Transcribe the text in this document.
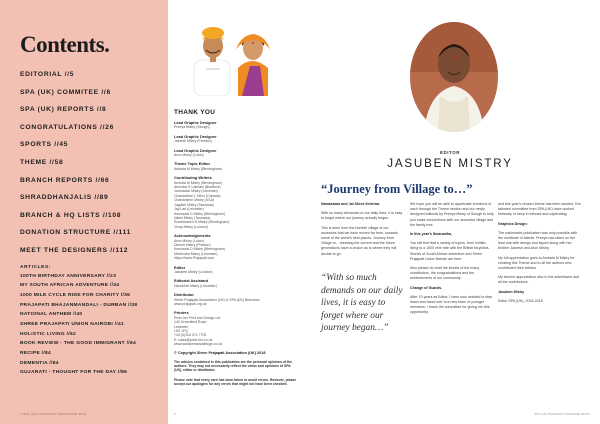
Contents.
EDITORIAL //5
SPA (UK) COMMITEE //6
SPA (UK) REPORTS //8
CONGRATULATIONS //26
SPORTS //45
THEME //58
BRANCH REPORTS //66
SHRADDHANJALIS //89
BRANCH & HQ LISTS //108
DONATION STRUCTURE //111
MEET THE DESIGNERS //112
ARTICLES:
100TH BIRTHDAY ANNIVERSARY //23
MY SOUTH AFRICAN ADVENTURE //34
1000 MILE CYCLE RIDE FOR CHARITY //36
PRAJAPATI BHAJANMANDALI - DURBAN //38
NATIONAL ANTHEM //40
SHREE PRAJAPATI UNION NAIROBI //41
HOLISTIC LIVING //62
BOOK REVIEW - THE GOOD IMMIGRANT //64
RECIPE //84
DEMENTIA //84
GUJARATI - THOUGHT FOR THE DAY //86
4 SPA (UK) PRAJAPATI MAGAZINE 2018
THANK YOU
Lead Graphic Designer
Preeya Mistry (Slough)
Lead Graphic Designer
Jainesh Mistry (Preston)
Lead Graphic Designer
Arun Mistry (Luton)
Theme Topic Editor
Ambala M Mistry (Birmingham)
Contributing Writers
Ambala M Mistry (Birmingham)
Amrutlal G Lakhani (Bradford)
Jamnadas Mistry (Leicester)
Chandubhai L Tailor (Canada)
Chandraben Mistry (USA)
Jagdish Mistry (Tanzania)
Jay Lad (Leicester)
Keshavlal D Mistry (Birmingham)
Nalini Mistry (Tanzania)
Rumnikaben N Mistry (Birmingham)
Vinay Mistry (London)
Acknowledgements
Arun Mistry (Luton)
Dinesh Mistry (Preston)
Keshavlal D Mistry (Birmingham)
Mahendra Mistry (Leicester)
https://www.Prajapati.com
Editor
Jasuben Mistry (London)
Editorial Assistant
Nanubhai Mistry (Leicester)
Distributor
Shree Prajapati Association (UK) & SPA (UK) Branches
www.prajapati.org.uk
Printers
Pixel-Inn Print and Design Ltd
143 Greenfield Road
Leicester
LE3 1FQ
+44 (0)116 274 7700
E: sales@pixel-inn.co.uk
www.saralprintanddesign.co.uk
© Copyright Shree Prajapati Association (UK) 2018
The articles contained in this publication are the personal opinions of the authors. They may not necessarily reflect the views and opinions of SPA (UK), editor or distributor.
Please note that every care has been taken to avoid errors. However, please accept our apologies for any errors that might not have been checked.
5
EDITOR
JASUBEN MISTRY
“Journey from Village to…”

Namaskaar and Jai Shree Krishna.

With so many demands on our daily lives, it is easy to forget where our journey actually began.

This is seen from the humble village of our ancestors that we have moved far from, towards some of the world's best places. Journey from Village to... meaning the current and the future generations have a choice as to where they will decide to go.

“With so much demands on our daily lives, it is easy to forget where our journey began…”

We hope you will be able to appreciate emotions of each through the Theme section and our newly designed editorial by Preeya Mistry of Slough to help you make connections with our ancestral village and the family tree.

In this year's Smaranika,

You will find that a variety of topics, from holistic living to a 1000 mile ride with the British bicyclists. Stories of South African adventure and Shree Prajapati Union Nairobi are here.

Also please do read the stories of the many contributors, the congratulations and the achievements of our community.

Change of Guards.

After 10 years as Editor, I have now decided to step down and hand over to a new team of younger members. I thank the committee for giving me this opportunity.

and this year's chosen theme has been tackled. Our talented committee from SPA (UK) have worked tirelessly to keep it relevant and captivating.

Graphics Design:

The nationwide publication was only possible with the multitude of talents. Preeya has taken on the lead role with design and layout along with her brother Jainesh and Arun Mistry.

My full appreciation goes to Ambala M Mistry for creating this Theme and to all the authors who contributed their articles.

My sincere appreciation also to the advertisers and all the contributors.

Jasuben Mistry

Editor SPA (UK), 2016-2018

SPA (UK) PRAJAPATI MAGAZINE 2018 5
